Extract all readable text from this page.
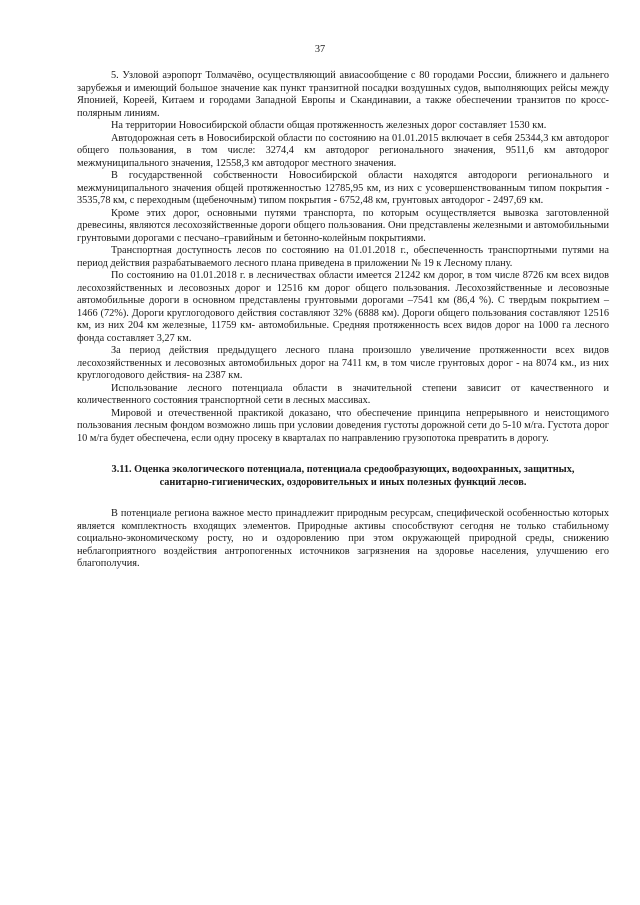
37

5. Узловой аэропорт Толмачёво, осуществляющий авиасообщение с 80 городами России, ближнего и дальнего зарубежья и имеющий большое значение как пункт транзитной посадки воздушных судов, выполняющих рейсы между Японией, Кореей, Китаем и городами Западной Европы и Скандинавии, а также обеспечении транзитов по кросс-полярным линиям.

На территории Новосибирской области общая протяженность железных дорог составляет 1530 км.

Автодорожная сеть в Новосибирской области по состоянию на 01.01.2015 включает в себя 25344,3 км автодорог общего пользования, в том числе: 3274,4 км автодорог регионального значения, 9511,6 км автодорог межмуниципального значения, 12558,3 км автодорог местного значения.

В государственной собственности Новосибирской области находятся автодороги регионального и межмуниципального значения общей протяженностью 12785,95 км, из них с усовершенствованным типом покрытия - 3535,78 км, с переходным (щебеночным) типом покрытия - 6752,48 км, грунтовых автодорог - 2497,69 км.

Кроме этих дорог, основными путями транспорта, по которым осуществляется вывозка заготовленной древесины, являются лесохозяйственные дороги общего пользования. Они представлены железными и автомобильными грунтовыми дорогами с песчано–гравийным и бетонно-колейным покрытиями.

Транспортная доступность лесов по состоянию на 01.01.2018 г., обеспеченность транспортными путями на период действия разрабатываемого лесного плана приведена в приложении № 19 к Лесному плану.

По состоянию на 01.01.2018 г. в лесничествах области имеется 21242 км дорог, в том числе 8726 км всех видов лесохозяйственных и лесовозных дорог и 12516 км дорог общего пользования. Лесохозяйственные и лесовозные автомобильные дороги в основном представлены грунтовыми дорогами –7541 км (86,4 %). С твердым покрытием – 1466 (72%). Дороги круглогодового действия составляют 32% (6888 км). Дороги общего пользования составляют 12516 км, из них 204 км железные, 11759 км- автомобильные. Средняя протяженность всех видов дорог на 1000 га лесного фонда составляет 3,27 км.

За период действия предыдущего лесного плана произошло увеличение протяженности всех видов лесохозяйственных и лесовозных автомобильных дорог на 7411 км, в том числе грунтовых дорог - на 8074 км., из них круглогодового действия- на 2387 км.

Использование лесного потенциала области в значительной степени зависит от качественного и количественного состояния транспортной сети в лесных массивах.

Мировой и отечественной практикой доказано, что обеспечение принципа непрерывного и неистощимого пользования лесным фондом возможно лишь при условии доведения густоты дорожной сети до 5-10 м/га. Густота дорог 10 м/га будет обеспечена, если одну просеку в кварталах по направлению грузопотока превратить в дорогу.

3.11. Оценка экологического потенциала, потенциала средообразующих, водоохранных, защитных, санитарно-гигиенических, оздоровительных и иных полезных функций лесов.

В потенциале региона важное место принадлежит природным ресурсам, специфической особенностью которых является комплектность входящих элементов. Природные активы способствуют сегодня не только стабильному социально-экономическому росту, но и оздоровлению при этом окружающей природной среды, снижению неблагоприятного воздействия антропогенных источников загрязнения на здоровье населения, улучшению его благополучия.
